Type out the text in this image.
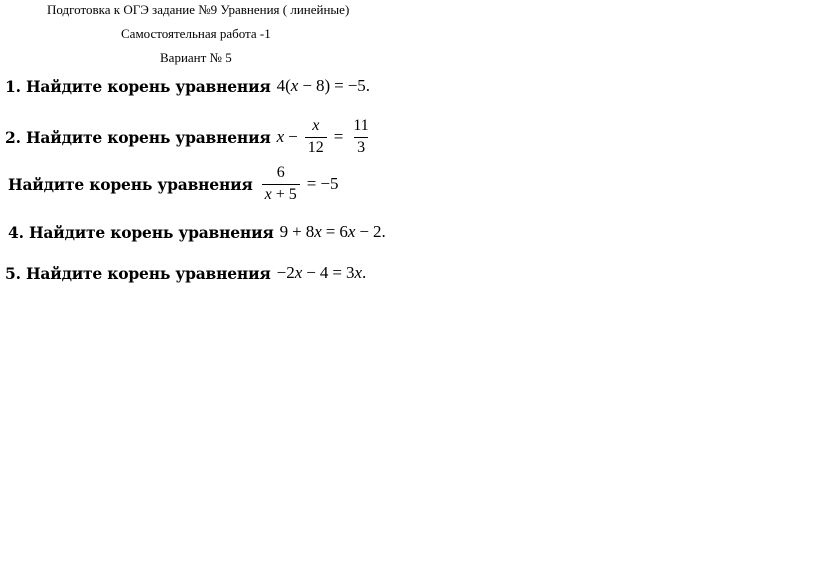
Подготовка к ОГЭ задание №9 Уравнения ( линейные)
Самостоятельная работа -1
Вариант № 5
1. Найдите корень уравнения 4 ( x − 8 ) = −5 .
2. Найдите корень уравнения $x - \frac{x}{12} = \frac{11}{3}$
Найдите корень уравнения $\frac{6}{x + 5} = -5$
4. Найдите корень уравнения 9 + 8 x = 6 x − 2 .
5. Найдите корень уравнения −2 x − 4 = 3 x .
